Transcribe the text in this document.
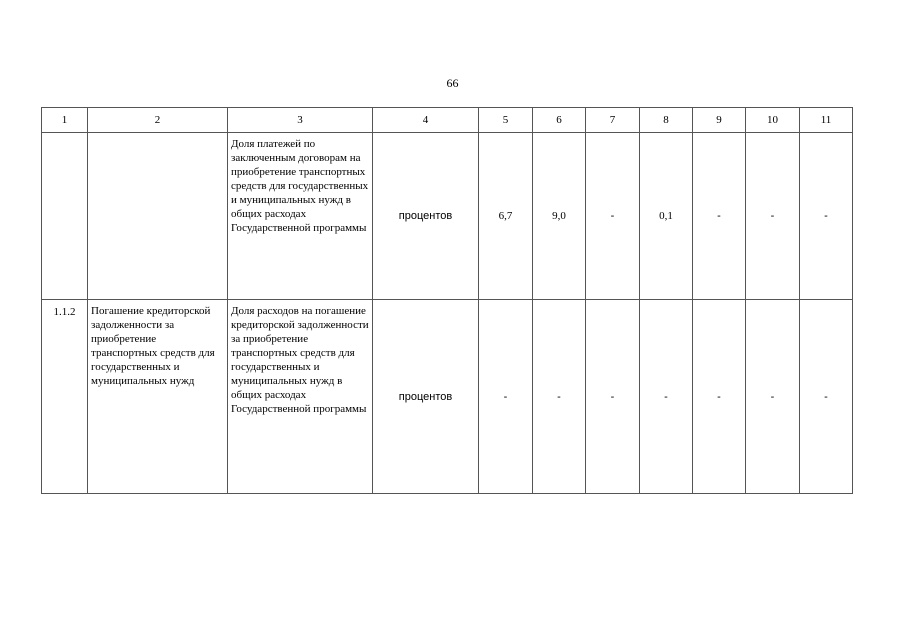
66
1	2	3	4	5	6	7	8	9	10	11
		Доля платежей по заключенным договорам на приобретение транспортных средств для государственных и муниципальных нужд в общих расходах Государственной программы	процентов	6,7	9,0	-	0,1	-	-	-
1.1.2	Погашение кредиторской задолженности за приобретение транспортных средств для государственных и муниципальных нужд	Доля расходов на погашение кредиторской задолженности за приобретение транспортных средств для государственных и муниципальных нужд в общих расходах Государственной программы	процентов	-	-	-	-	-	-	-
